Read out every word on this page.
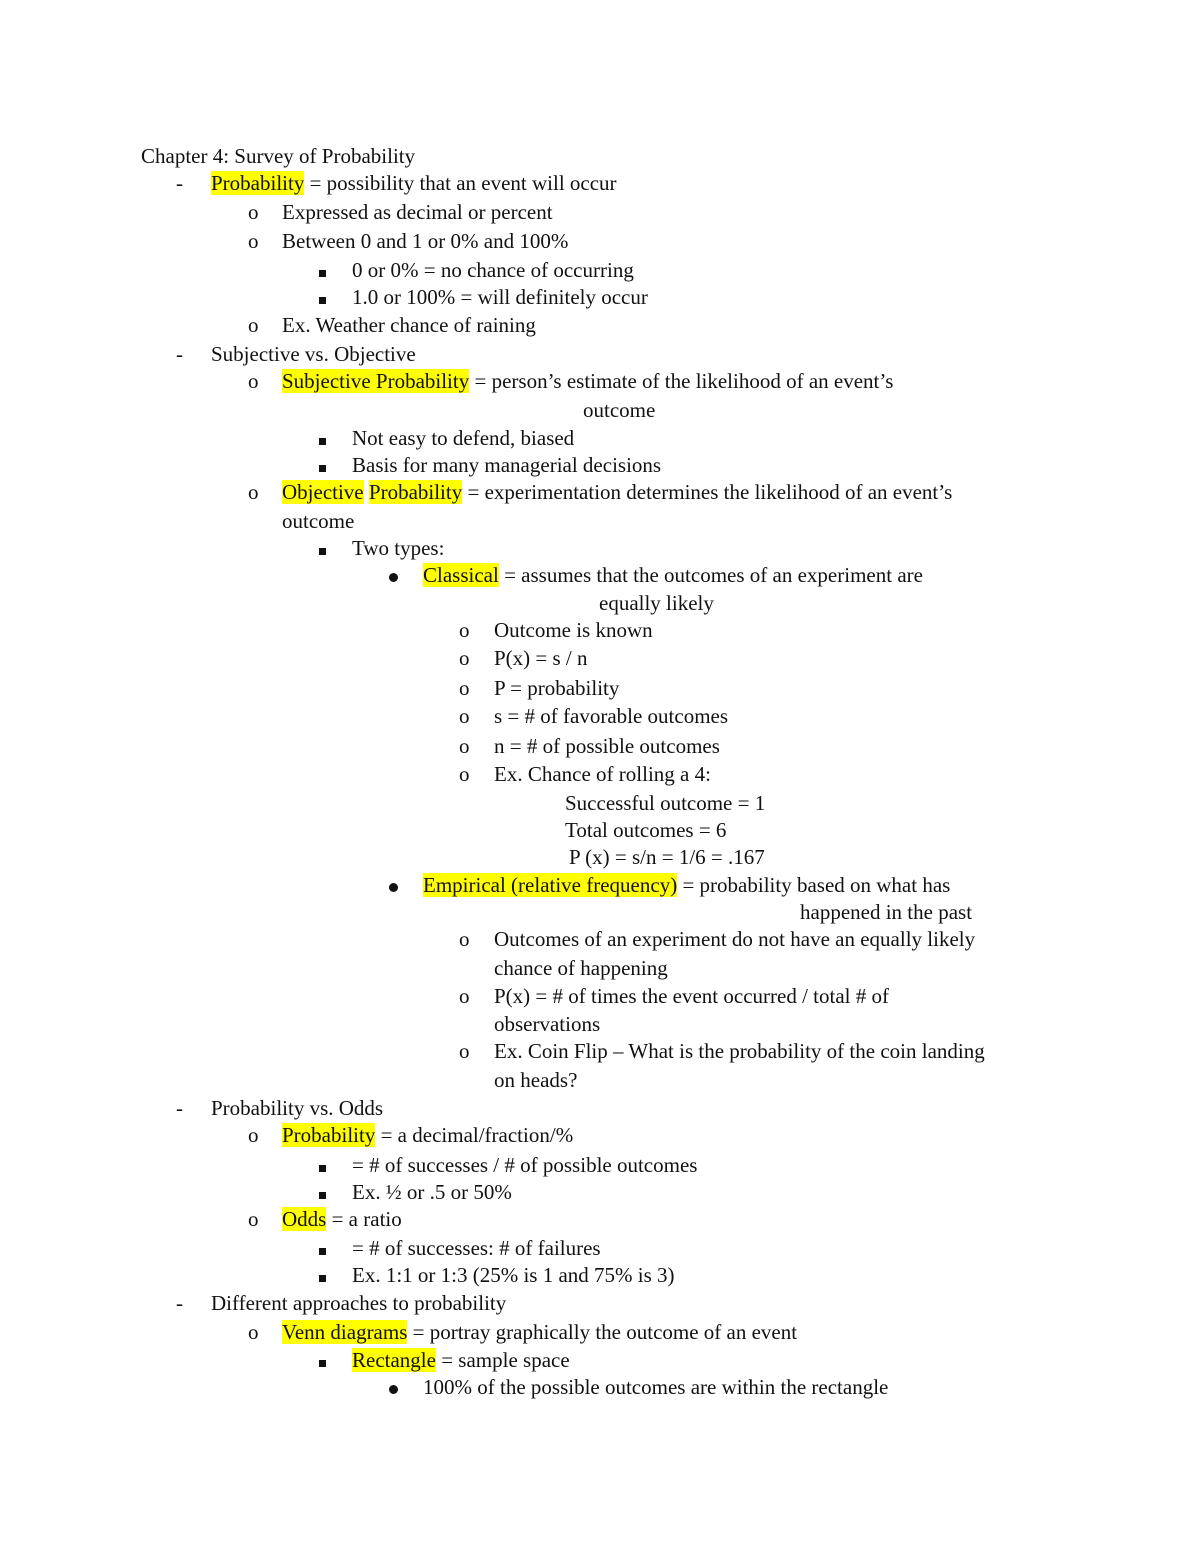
Chapter 4: Survey of Probability
- Probability = possibility that an event will occur
o Expressed as decimal or percent
o Between 0 and 1 or 0% and 100%
0 or 0% = no chance of occurring
1.0 or 100% = will definitely occur
o Ex. Weather chance of raining
- Subjective vs. Objective
o Subjective Probability = person’s estimate of the likelihood of an event’s
outcome
Not easy to defend, biased
Basis for many managerial decisions
o Objective Probability = experimentation determines the likelihood of an event’s
outcome
Two types:
Classical = assumes that the outcomes of an experiment are
equally likely
o Outcome is known
o P(x) = s / n
o P = probability
o s = # of favorable outcomes
o n = # of possible outcomes
o Ex. Chance of rolling a 4:
Successful outcome = 1
Total outcomes = 6
P (x) = s/n = 1/6 = .167
Empirical (relative frequency) = probability based on what has
happened in the past
o Outcomes of an experiment do not have an equally likely
chance of happening
o P(x) = # of times the event occurred / total # of
observations
o Ex. Coin Flip – What is the probability of the coin landing
on heads?
- Probability vs. Odds
o Probability = a decimal/fraction/%
= # of successes / # of possible outcomes
Ex. ½ or .5 or 50%
o Odds = a ratio
= # of successes: # of failures
Ex. 1:1 or 1:3 (25% is 1 and 75% is 3)
- Different approaches to probability
o Venn diagrams = portray graphically the outcome of an event
Rectangle = sample space
100% of the possible outcomes are within the rectangle
